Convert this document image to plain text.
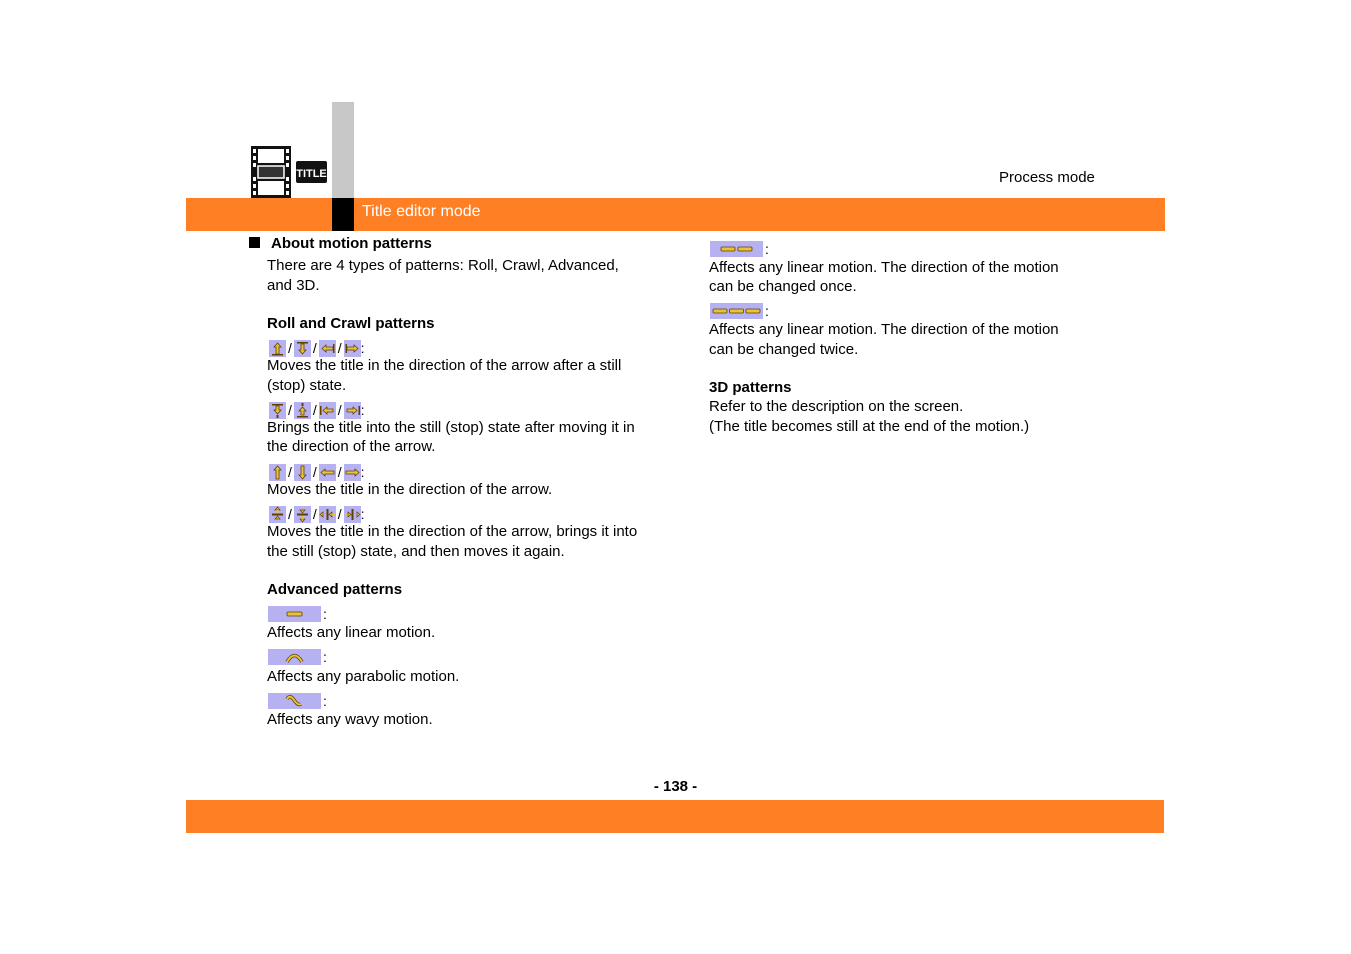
Title editor mode
Process mode
TITLE
About motion patterns
There are 4 types of patterns: Roll, Crawl, Advanced,
and 3D.
Roll and Crawl patterns
/ / / :
Moves the title in the direction of the arrow after a still
(stop) state.
/ / / :
Brings the title into the still (stop) state after moving it in
the direction of the arrow.
/ / / :
Moves the title in the direction of the arrow.
/ / / :
Moves the title in the direction of the arrow, brings it into
the still (stop) state, and then moves it again.
Advanced patterns
:
Affects any linear motion.
:
Affects any parabolic motion.
:
Affects any wavy motion.
:
Affects any linear motion. The direction of the motion
can be changed once.
:
Affects any linear motion. The direction of the motion
can be changed twice.
3D patterns
Refer to the description on the screen.
(The title becomes still at the end of the motion.)
- 138 -
